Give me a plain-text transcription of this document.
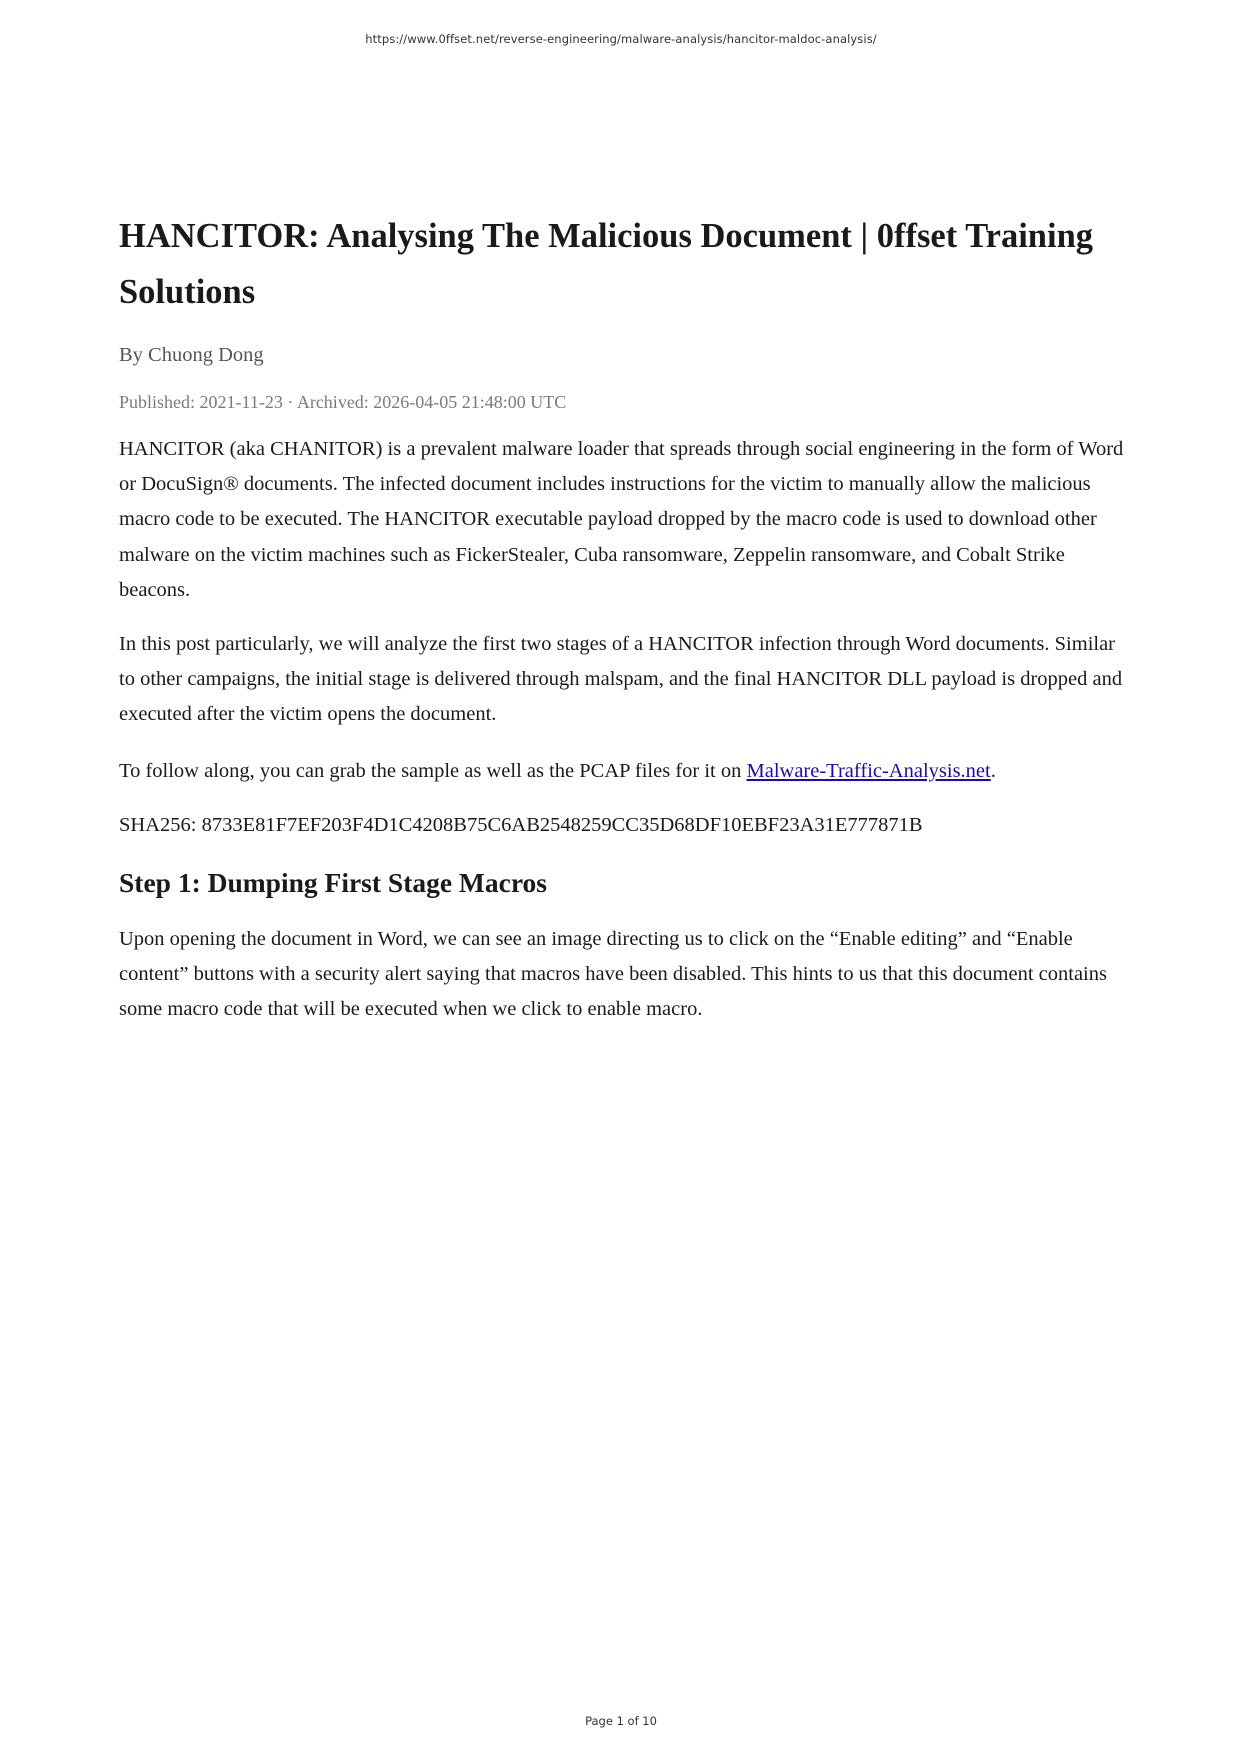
https://www.0ffset.net/reverse-engineering/malware-analysis/hancitor-maldoc-analysis/
HANCITOR: Analysing The Malicious Document | 0ffset Training Solutions

By Chuong Dong

Published: 2021-11-23 · Archived: 2026-04-05 21:48:00 UTC

HANCITOR (aka CHANITOR) is a prevalent malware loader that spreads through social engineering in the form of Word or DocuSign® documents. The infected document includes instructions for the victim to manually allow the malicious macro code to be executed. The HANCITOR executable payload dropped by the macro code is used to download other malware on the victim machines such as FickerStealer, Cuba ransomware, Zeppelin ransomware, and Cobalt Strike beacons.

In this post particularly, we will analyze the first two stages of a HANCITOR infection through Word documents. Similar to other campaigns, the initial stage is delivered through malspam, and the final HANCITOR DLL payload is dropped and executed after the victim opens the document.

To follow along, you can grab the sample as well as the PCAP files for it on Malware-Traffic-Analysis.net.

SHA256: 8733E81F7EF203F4D1C4208B75C6AB2548259CC35D68DF10EBF23A31E777871B

Step 1: Dumping First Stage Macros

Upon opening the document in Word, we can see an image directing us to click on the “Enable editing” and “Enable content” buttons with a security alert saying that macros have been disabled. This hints to us that this document contains some macro code that will be executed when we click to enable macro.

Page 1 of 10
